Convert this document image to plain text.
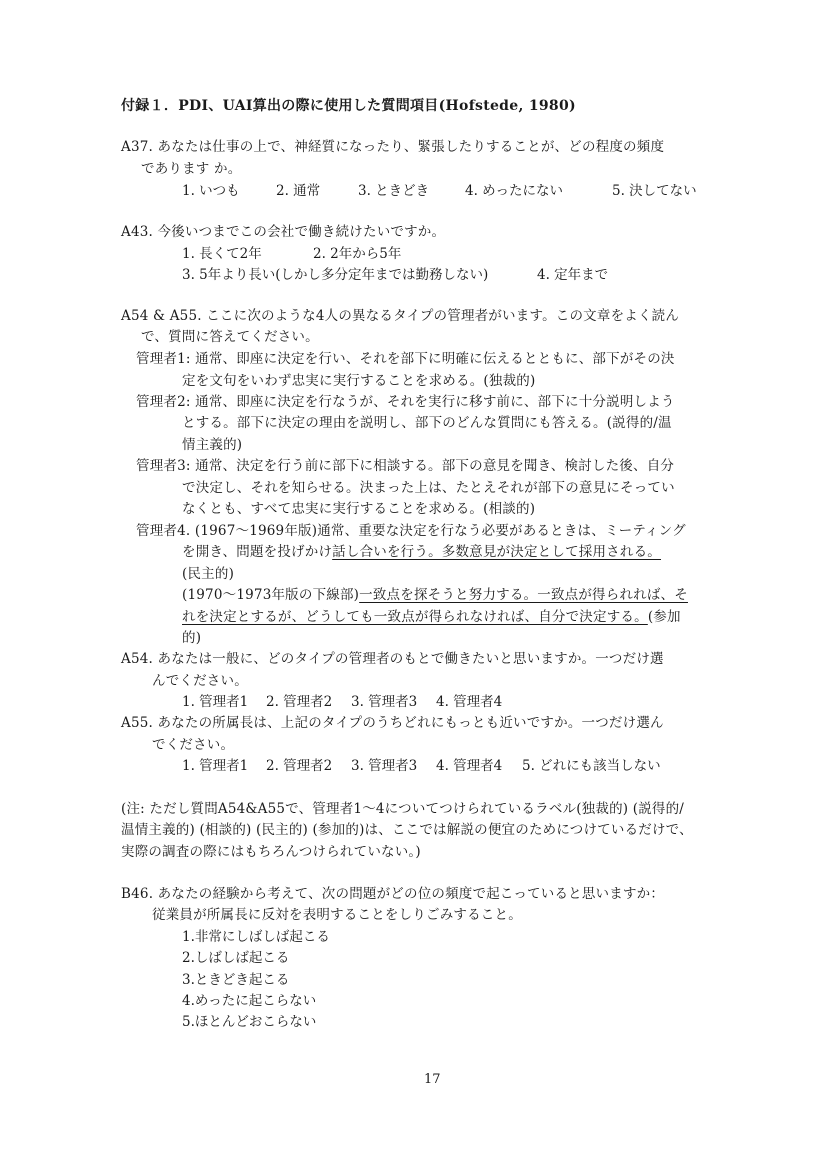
付録１．PDI、UAI算出の際に使用した質問項目(Hofstede, 1980)
A37. あなたは仕事の上で、神経質になったり、緊張したりすることが、どの程度の頻度
であります か。
1. いつも	2. 通常	3. ときどき	4. めったにない	5. 決してない
A43. 今後いつまでこの会社で働き続けたいですか。
1. 長くて2年	2. 2年から5年
3. 5年より長い(しかし多分定年までは勤務しない)	4. 定年まで
A54 & A55. ここに次のような4人の異なるタイプの管理者がいます。この文章をよく読ん
で、質問に答えてください。
管理者1: 通常、即座に決定を行い、それを部下に明確に伝えるとともに、部下がその決
定を文句をいわず忠実に実行することを求める。(独裁的)
管理者2: 通常、即座に決定を行なうが、それを実行に移す前に、部下に十分説明しよう
とする。部下に決定の理由を説明し、部下のどんな質問にも答える。(説得的/温
情主義的)
管理者3: 通常、決定を行う前に部下に相談する。部下の意見を聞き、検討した後、自分
で決定し、それを知らせる。決まった上は、たとえそれが部下の意見にそってい
なくとも、すべて忠実に実行することを求める。(相談的)
管理者4. (1967〜1969年版)通常、重要な決定を行なう必要があるときは、ミーティング
を開き、問題を投げかけ話し合いを行う。多数意見が決定として採用される。
(民主的)
(1970〜1973年版の下線部)一致点を探そうと努力する。一致点が得られれば、そ
れを決定とするが、どうしても一致点が得られなければ、自分で決定する。(参加
的)
A54. あなたは一般に、どのタイプの管理者のもとで働きたいと思いますか。一つだけ選
んでください。
1. 管理者1 2. 管理者2 3. 管理者3 4. 管理者4
A55. あなたの所属長は、上記のタイプのうちどれにもっとも近いですか。一つだけ選ん
でください。
1. 管理者1 2. 管理者2 3. 管理者3 4. 管理者4 5. どれにも該当しない
(注: ただし質問A54&A55で、管理者1〜4についてつけられているラベル(独裁的) (説得的/
温情主義的) (相談的) (民主的) (参加的)は、ここでは解説の便宜のためにつけているだけで、
実際の調査の際にはもちろんつけられていない。)
B46. あなたの経験から考えて、次の問題がどの位の頻度で起こっていると思いますか：
従業員が所属長に反対を表明することをしりごみすること。
1.非常にしばしば起こる
2.しばしば起こる
3.ときどき起こる
4.めったに起こらない
5.ほとんどおこらない
17
